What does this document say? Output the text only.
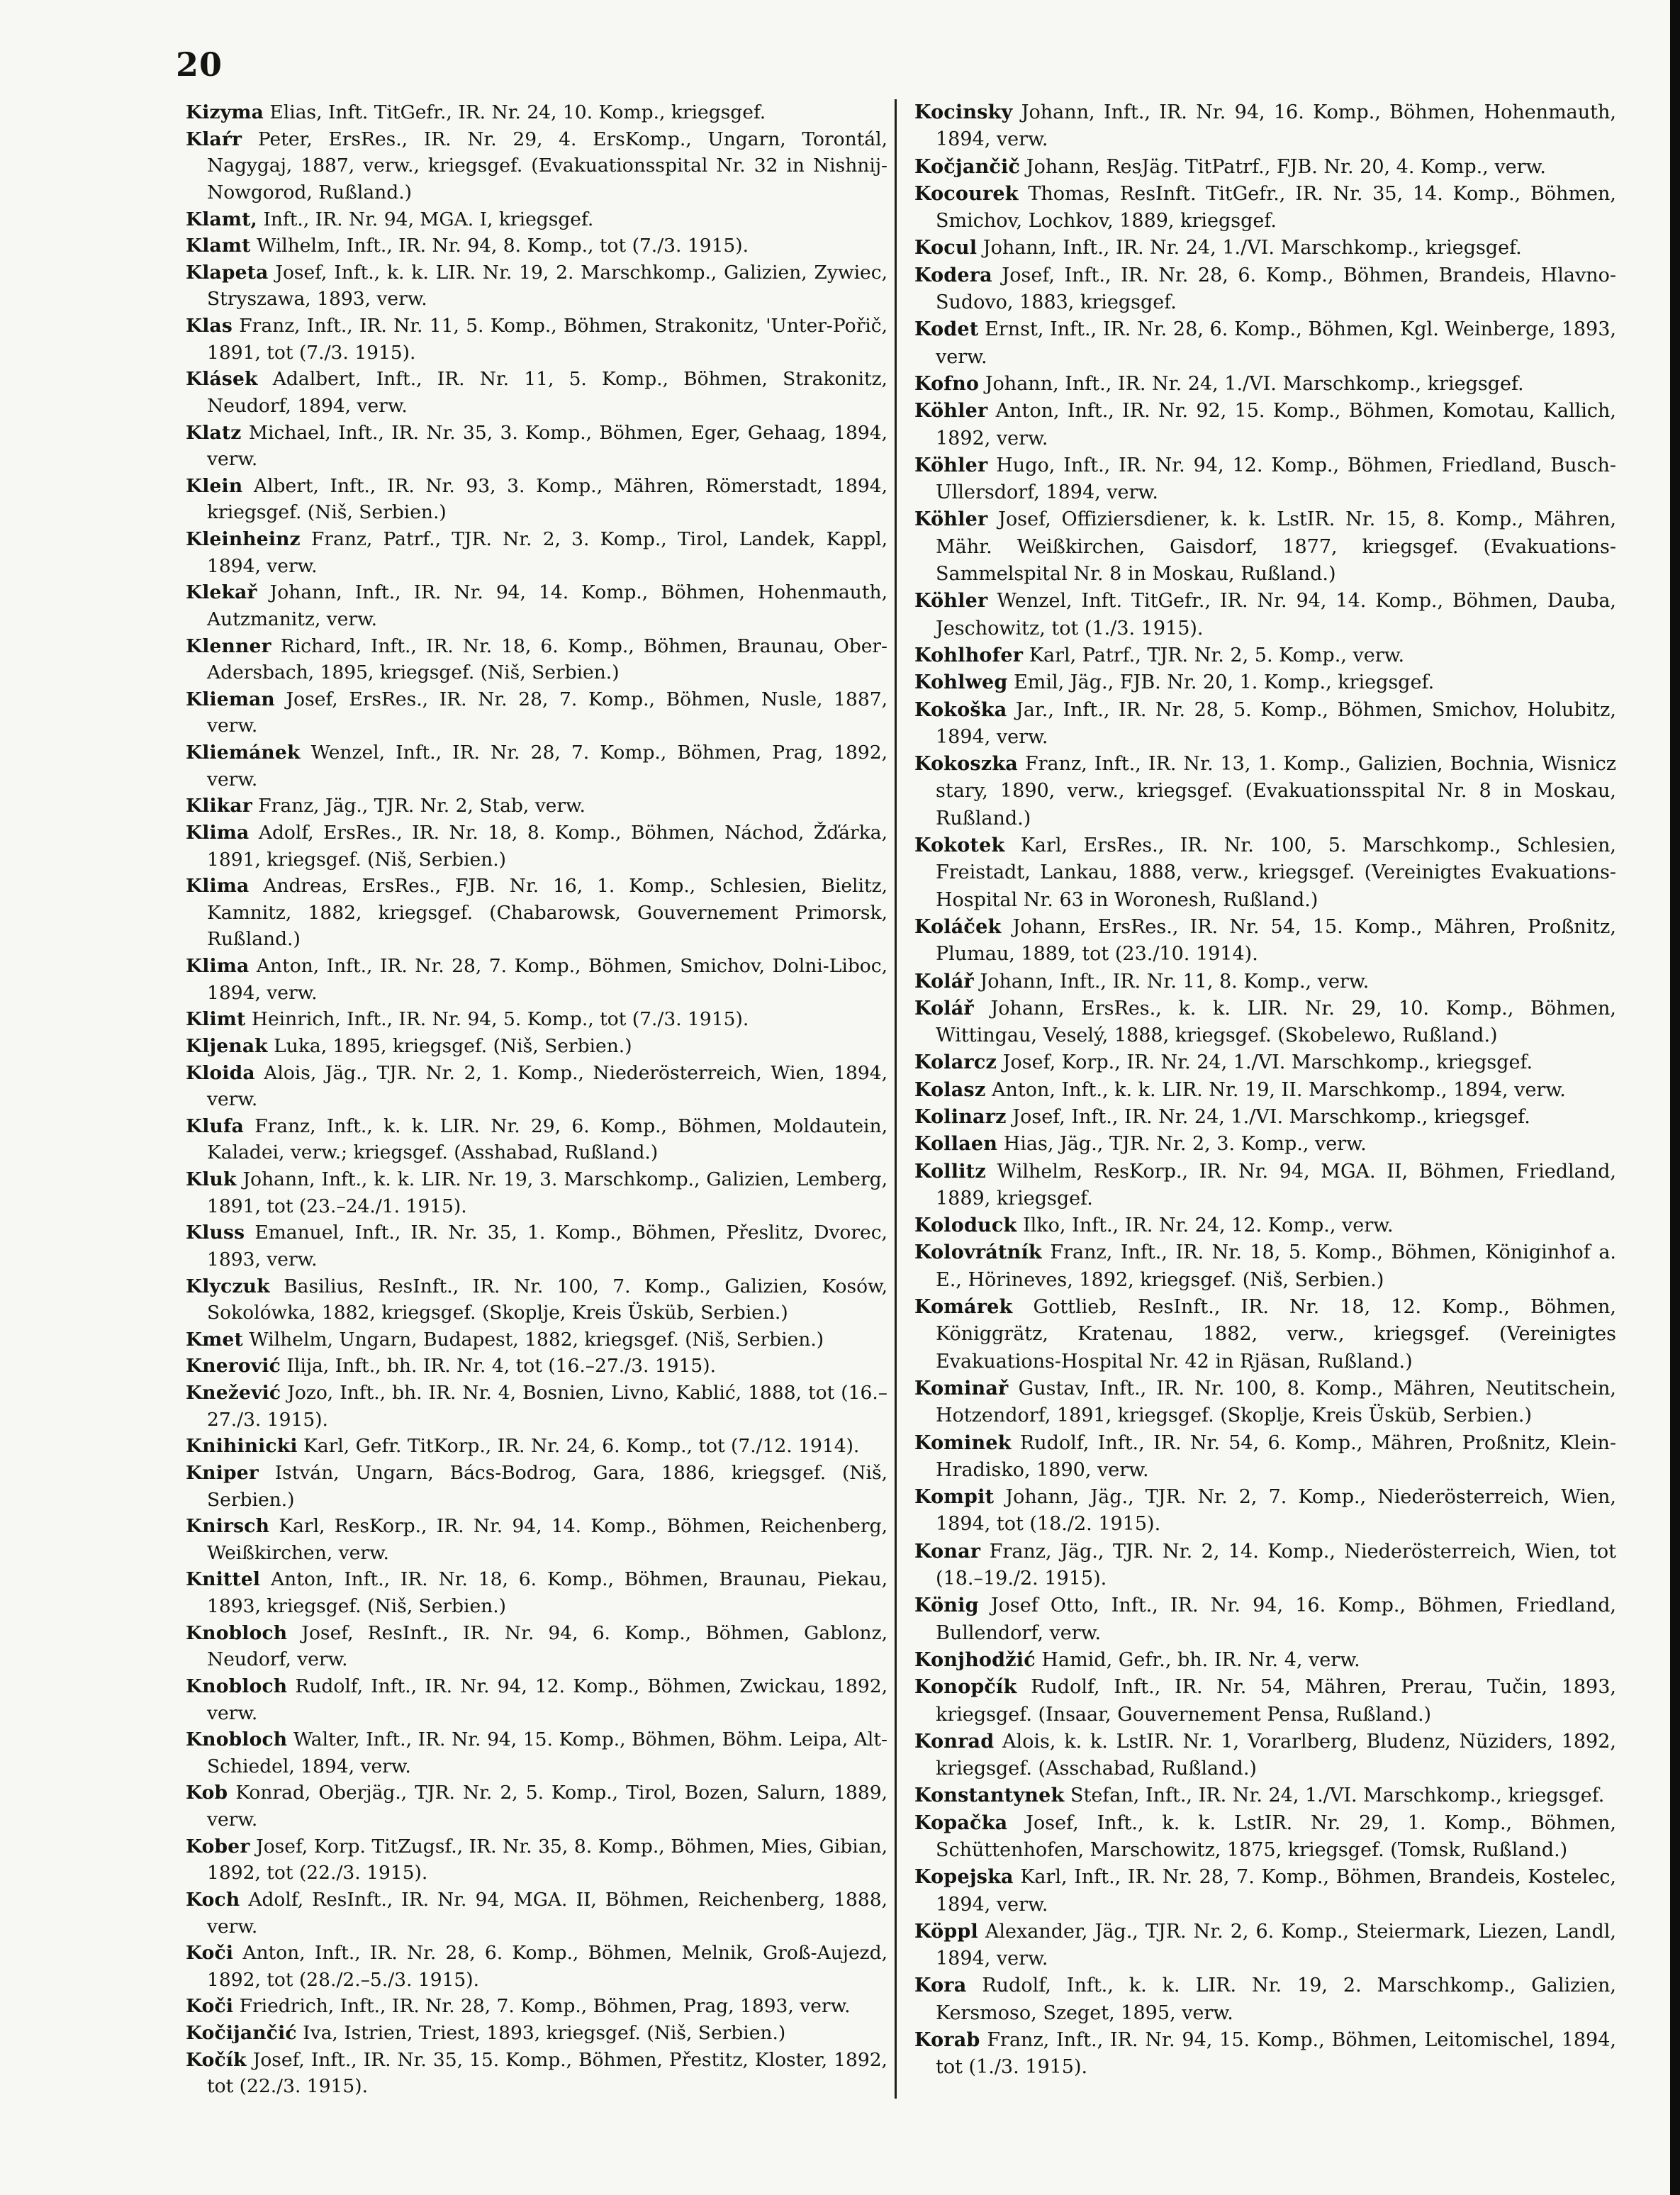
20
Kizyma Elias, Inft. TitGefr., IR. Nr. 24, 10. Komp., kriegsgef.
Klaŕr Peter, ErsRes., IR. Nr. 29, 4. ErsKomp., Ungarn, Torontál, Nagygaj, 1887, verw., kriegsgef. (Evakuationsspital Nr. 32 in Nishnij-Nowgorod, Rußland.)
Klamt, Inft., IR. Nr. 94, MGA. I, kriegsgef.
Klamt Wilhelm, Inft., IR. Nr. 94, 8. Komp., tot (7./3. 1915).
Klapeta Josef, Inft., k. k. LIR. Nr. 19, 2. Marschkomp., Galizien, Zywiec, Stryszawa, 1893, verw.
Klas Franz, Inft., IR. Nr. 11, 5. Komp., Böhmen, Strakonitz, 'Unter-Pořič, 1891, tot (7./3. 1915).
Klásek Adalbert, Inft., IR. Nr. 11, 5. Komp., Böhmen, Strakonitz, Neudorf, 1894, verw.
Klatz Michael, Inft., IR. Nr. 35, 3. Komp., Böhmen, Eger, Gehaag, 1894, verw.
Klein Albert, Inft., IR. Nr. 93, 3. Komp., Mähren, Römerstadt, 1894, kriegsgef. (Niš, Serbien.)
Kleinheinz Franz, Patrf., TJR. Nr. 2, 3. Komp., Tirol, Landek, Kappl, 1894, verw.
Klekař Johann, Inft., IR. Nr. 94, 14. Komp., Böhmen, Hohenmauth, Autzmanitz, verw.
Klenner Richard, Inft., IR. Nr. 18, 6. Komp., Böhmen, Braunau, Ober-Adersbach, 1895, kriegsgef. (Niš, Serbien.)
Klieman Josef, ErsRes., IR. Nr. 28, 7. Komp., Böhmen, Nusle, 1887, verw.
Kliemánek Wenzel, Inft., IR. Nr. 28, 7. Komp., Böhmen, Prag, 1892, verw.
Klikar Franz, Jäg., TJR. Nr. 2, Stab, verw.
Klima Adolf, ErsRes., IR. Nr. 18, 8. Komp., Böhmen, Náchod, Žďárka, 1891, kriegsgef. (Niš, Serbien.)
Klima Andreas, ErsRes., FJB. Nr. 16, 1. Komp., Schlesien, Bielitz, Kamnitz, 1882, kriegsgef. (Chabarowsk, Gouvernement Primorsk, Rußland.)
Klima Anton, Inft., IR. Nr. 28, 7. Komp., Böhmen, Smichov, Dolni-Liboc, 1894, verw.
Klimt Heinrich, Inft., IR. Nr. 94, 5. Komp., tot (7./3. 1915).
Kljenak Luka, 1895, kriegsgef. (Niš, Serbien.)
Kloida Alois, Jäg., TJR. Nr. 2, 1. Komp., Niederösterreich, Wien, 1894, verw.
Klufa Franz, Inft., k. k. LIR. Nr. 29, 6. Komp., Böhmen, Moldautein, Kaladei, verw.; kriegsgef. (Asshabad, Rußland.)
Kluk Johann, Inft., k. k. LIR. Nr. 19, 3. Marschkomp., Galizien, Lemberg, 1891, tot (23.–24./1. 1915).
Kluss Emanuel, Inft., IR. Nr. 35, 1. Komp., Böhmen, Přeslitz, Dvorec, 1893, verw.
Klyczuk Basilius, ResInft., IR. Nr. 100, 7. Komp., Galizien, Kosów, Sokolówka, 1882, kriegsgef. (Skoplje, Kreis Üsküb, Serbien.)
Kmet Wilhelm, Ungarn, Budapest, 1882, kriegsgef. (Niš, Serbien.)
Knerović Ilija, Inft., bh. IR. Nr. 4, tot (16.–27./3. 1915).
Knežević Jozo, Inft., bh. IR. Nr. 4, Bosnien, Livno, Kablić, 1888, tot (16.–27./3. 1915).
Knihinicki Karl, Gefr. TitKorp., IR. Nr. 24, 6. Komp., tot (7./12. 1914).
Kniper István, Ungarn, Bács-Bodrog, Gara, 1886, kriegsgef. (Niš, Serbien.)
Knirsch Karl, ResKorp., IR. Nr. 94, 14. Komp., Böhmen, Reichenberg, Weißkirchen, verw.
Knittel Anton, Inft., IR. Nr. 18, 6. Komp., Böhmen, Braunau, Piekau, 1893, kriegsgef. (Niš, Serbien.)
Knobloch Josef, ResInft., IR. Nr. 94, 6. Komp., Böhmen, Gablonz, Neudorf, verw.
Knobloch Rudolf, Inft., IR. Nr. 94, 12. Komp., Böhmen, Zwickau, 1892, verw.
Knobloch Walter, Inft., IR. Nr. 94, 15. Komp., Böhmen, Böhm. Leipa, Alt-Schiedel, 1894, verw.
Kob Konrad, Oberjäg., TJR. Nr. 2, 5. Komp., Tirol, Bozen, Salurn, 1889, verw.
Kober Josef, Korp. TitZugsf., IR. Nr. 35, 8. Komp., Böhmen, Mies, Gibian, 1892, tot (22./3. 1915).
Koch Adolf, ResInft., IR. Nr. 94, MGA. II, Böhmen, Reichenberg, 1888, verw.
Koči Anton, Inft., IR. Nr. 28, 6. Komp., Böhmen, Melnik, Groß-Aujezd, 1892, tot (28./2.–5./3. 1915).
Koči Friedrich, Inft., IR. Nr. 28, 7. Komp., Böhmen, Prag, 1893, verw.
Kočijančić Iva, Istrien, Triest, 1893, kriegsgef. (Niš, Serbien.)
Kočík Josef, Inft., IR. Nr. 35, 15. Komp., Böhmen, Přestitz, Kloster, 1892, tot (22./3. 1915).
Kocinsky Johann, Inft., IR. Nr. 94, 16. Komp., Böhmen, Hohenmauth, 1894, verw.
Kočjančič Johann, ResJäg. TitPatrf., FJB. Nr. 20, 4. Komp., verw.
Kocourek Thomas, ResInft. TitGefr., IR. Nr. 35, 14. Komp., Böhmen, Smichov, Lochkov, 1889, kriegsgef.
Kocul Johann, Inft., IR. Nr. 24, 1./VI. Marschkomp., kriegsgef.
Kodera Josef, Inft., IR. Nr. 28, 6. Komp., Böhmen, Brandeis, Hlavno-Sudovo, 1883, kriegsgef.
Kodet Ernst, Inft., IR. Nr. 28, 6. Komp., Böhmen, Kgl. Weinberge, 1893, verw.
Kofno Johann, Inft., IR. Nr. 24, 1./VI. Marschkomp., kriegsgef.
Köhler Anton, Inft., IR. Nr. 92, 15. Komp., Böhmen, Komotau, Kallich, 1892, verw.
Köhler Hugo, Inft., IR. Nr. 94, 12. Komp., Böhmen, Friedland, Busch-Ullersdorf, 1894, verw.
Köhler Josef, Offiziersdiener, k. k. LstIR. Nr. 15, 8. Komp., Mähren, Mähr. Weißkirchen, Gaisdorf, 1877, kriegsgef. (Evakuations-Sammelspital Nr. 8 in Moskau, Rußland.)
Köhler Wenzel, Inft. TitGefr., IR. Nr. 94, 14. Komp., Böhmen, Dauba, Jeschowitz, tot (1./3. 1915).
Kohlhofer Karl, Patrf., TJR. Nr. 2, 5. Komp., verw.
Kohlweg Emil, Jäg., FJB. Nr. 20, 1. Komp., kriegsgef.
Kokoška Jar., Inft., IR. Nr. 28, 5. Komp., Böhmen, Smichov, Holubitz, 1894, verw.
Kokoszka Franz, Inft., IR. Nr. 13, 1. Komp., Galizien, Bochnia, Wisnicz stary, 1890, verw., kriegsgef. (Evakuationsspital Nr. 8 in Moskau, Rußland.)
Kokotek Karl, ErsRes., IR. Nr. 100, 5. Marschkomp., Schlesien, Freistadt, Lankau, 1888, verw., kriegsgef. (Vereinigtes Evakuations-Hospital Nr. 63 in Woronesh, Rußland.)
Koláček Johann, ErsRes., IR. Nr. 54, 15. Komp., Mähren, Proßnitz, Plumau, 1889, tot (23./10. 1914).
Kolář Johann, Inft., IR. Nr. 11, 8. Komp., verw.
Kolář Johann, ErsRes., k. k. LIR. Nr. 29, 10. Komp., Böhmen, Wittingau, Veselý, 1888, kriegsgef. (Skobelewo, Rußland.)
Kolarcz Josef, Korp., IR. Nr. 24, 1./VI. Marschkomp., kriegsgef.
Kolasz Anton, Inft., k. k. LIR. Nr. 19, II. Marschkomp., 1894, verw.
Kolinarz Josef, Inft., IR. Nr. 24, 1./VI. Marschkomp., kriegsgef.
Kollaen Hias, Jäg., TJR. Nr. 2, 3. Komp., verw.
Kollitz Wilhelm, ResKorp., IR. Nr. 94, MGA. II, Böhmen, Friedland, 1889, kriegsgef.
Koloduck Ilko, Inft., IR. Nr. 24, 12. Komp., verw.
Kolovrátník Franz, Inft., IR. Nr. 18, 5. Komp., Böhmen, Königinhof a. E., Hörineves, 1892, kriegsgef. (Niš, Serbien.)
Komárek Gottlieb, ResInft., IR. Nr. 18, 12. Komp., Böhmen, Königgrätz, Kratenau, 1882, verw., kriegsgef. (Vereinigtes Evakuations-Hospital Nr. 42 in Rjäsan, Rußland.)
Kominař Gustav, Inft., IR. Nr. 100, 8. Komp., Mähren, Neutitschein, Hotzendorf, 1891, kriegsgef. (Skoplje, Kreis Üsküb, Serbien.)
Kominek Rudolf, Inft., IR. Nr. 54, 6. Komp., Mähren, Proßnitz, Klein-Hradisko, 1890, verw.
Kompit Johann, Jäg., TJR. Nr. 2, 7. Komp., Niederösterreich, Wien, 1894, tot (18./2. 1915).
Konar Franz, Jäg., TJR. Nr. 2, 14. Komp., Niederösterreich, Wien, tot (18.–19./2. 1915).
König Josef Otto, Inft., IR. Nr. 94, 16. Komp., Böhmen, Friedland, Bullendorf, verw.
Konjhodžić Hamid, Gefr., bh. IR. Nr. 4, verw.
Konopčík Rudolf, Inft., IR. Nr. 54, Mähren, Prerau, Tučin, 1893, kriegsgef. (Insaar, Gouvernement Pensa, Rußland.)
Konrad Alois, k. k. LstIR. Nr. 1, Vorarlberg, Bludenz, Nüziders, 1892, kriegsgef. (Asschabad, Rußland.)
Konstantynek Stefan, Inft., IR. Nr. 24, 1./VI. Marschkomp., kriegsgef.
Kopačka Josef, Inft., k. k. LstIR. Nr. 29, 1. Komp., Böhmen, Schüttenhofen, Marschowitz, 1875, kriegsgef. (Tomsk, Rußland.)
Kopejska Karl, Inft., IR. Nr. 28, 7. Komp., Böhmen, Brandeis, Kostelec, 1894, verw.
Köppl Alexander, Jäg., TJR. Nr. 2, 6. Komp., Steiermark, Liezen, Landl, 1894, verw.
Kora Rudolf, Inft., k. k. LIR. Nr. 19, 2. Marschkomp., Galizien, Kersmoso, Szeget, 1895, verw.
Korab Franz, Inft., IR. Nr. 94, 15. Komp., Böhmen, Leitomischel, 1894, tot (1./3. 1915).
